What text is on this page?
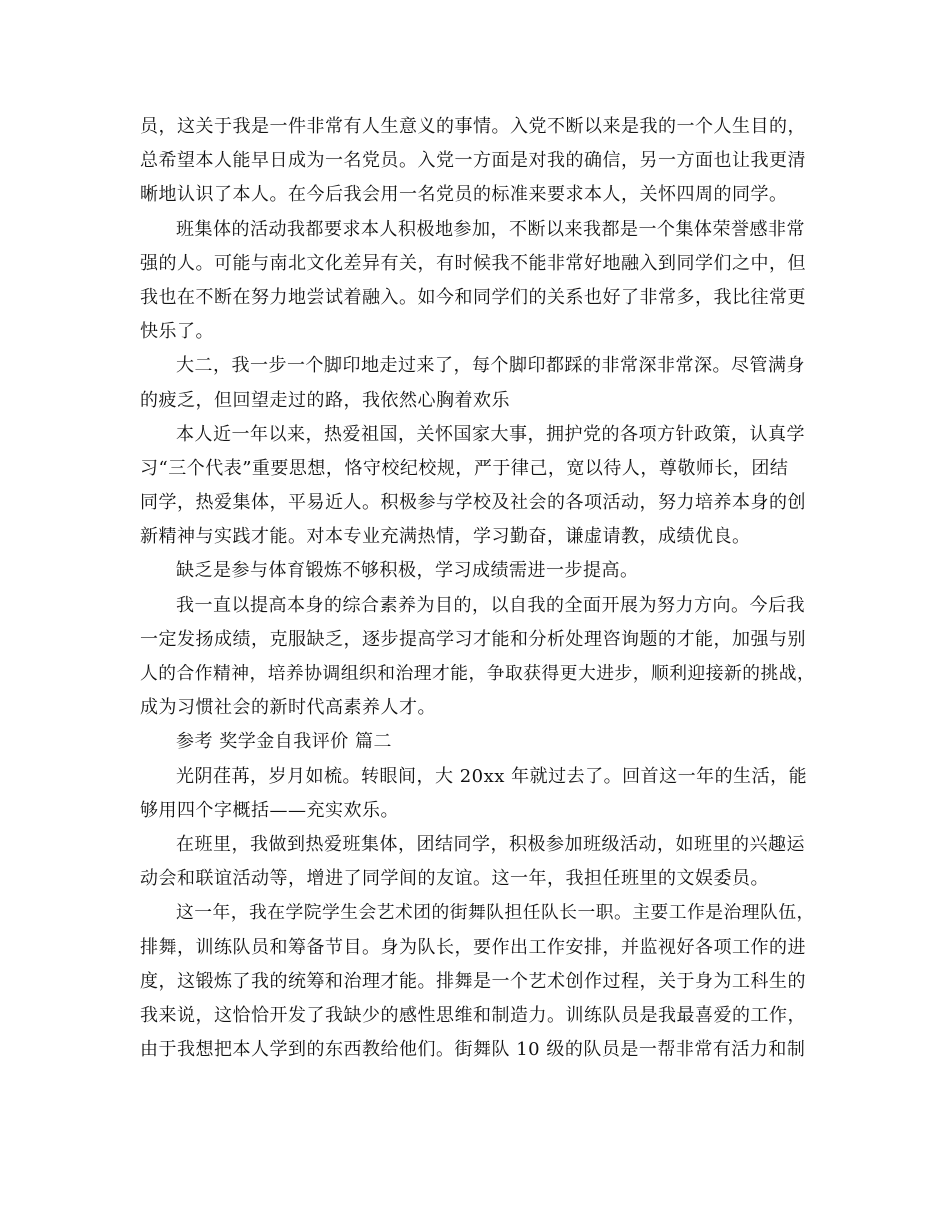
员，这关于我是一件非常有人生意义的事情。入党不断以来是我的一个人生目的，
总希望本人能早日成为一名党员。入党一方面是对我的确信，另一方面也让我更清
晰地认识了本人。在今后我会用一名党员的标准来要求本人，关怀四周的同学。
班集体的活动我都要求本人积极地参加，不断以来我都是一个集体荣誉感非常
强的人。可能与南北文化差异有关，有时候我不能非常好地融入到同学们之中，但
我也在不断在努力地尝试着融入。如今和同学们的关系也好了非常多，我比往常更
快乐了。
大二，我一步一个脚印地走过来了，每个脚印都踩的非常深非常深。尽管满身
的疲乏，但回望走过的路，我依然心胸着欢乐
本人近一年以来，热爱祖国，关怀国家大事，拥护党的各项方针政策，认真学
习“三个代表”重要思想，恪守校纪校规，严于律己，宽以待人，尊敬师长，团结
同学，热爱集体，平易近人。积极参与学校及社会的各项活动，努力培养本身的创
新精神与实践才能。对本专业充满热情，学习勤奋，谦虚请教，成绩优良。
缺乏是参与体育锻炼不够积极，学习成绩需进一步提高。
我一直以提高本身的综合素养为目的，以自我的全面开展为努力方向。今后我
一定发扬成绩，克服缺乏，逐步提高学习才能和分析处理咨询题的才能，加强与别
人的合作精神，培养协调组织和治理才能，争取获得更大进步，顺利迎接新的挑战，
成为习惯社会的新时代高素养人才。
参考 奖学金自我评价 篇二
光阴荏苒，岁月如梳。转眼间，大 20xx 年就过去了。回首这一年的生活，能
够用四个字概括——充实欢乐。
在班里，我做到热爱班集体，团结同学，积极参加班级活动，如班里的兴趣运
动会和联谊活动等，增进了同学间的友谊。这一年，我担任班里的文娱委员。
这一年，我在学院学生会艺术团的街舞队担任队长一职。主要工作是治理队伍，
排舞，训练队员和筹备节目。身为队长，要作出工作安排，并监视好各项工作的进
度，这锻炼了我的统筹和治理才能。排舞是一个艺术创作过程，关于身为工科生的
我来说，这恰恰开发了我缺少的感性思维和制造力。训练队员是我最喜爱的工作，
由于我想把本人学到的东西教给他们。街舞队 10 级的队员是一帮非常有活力和制
